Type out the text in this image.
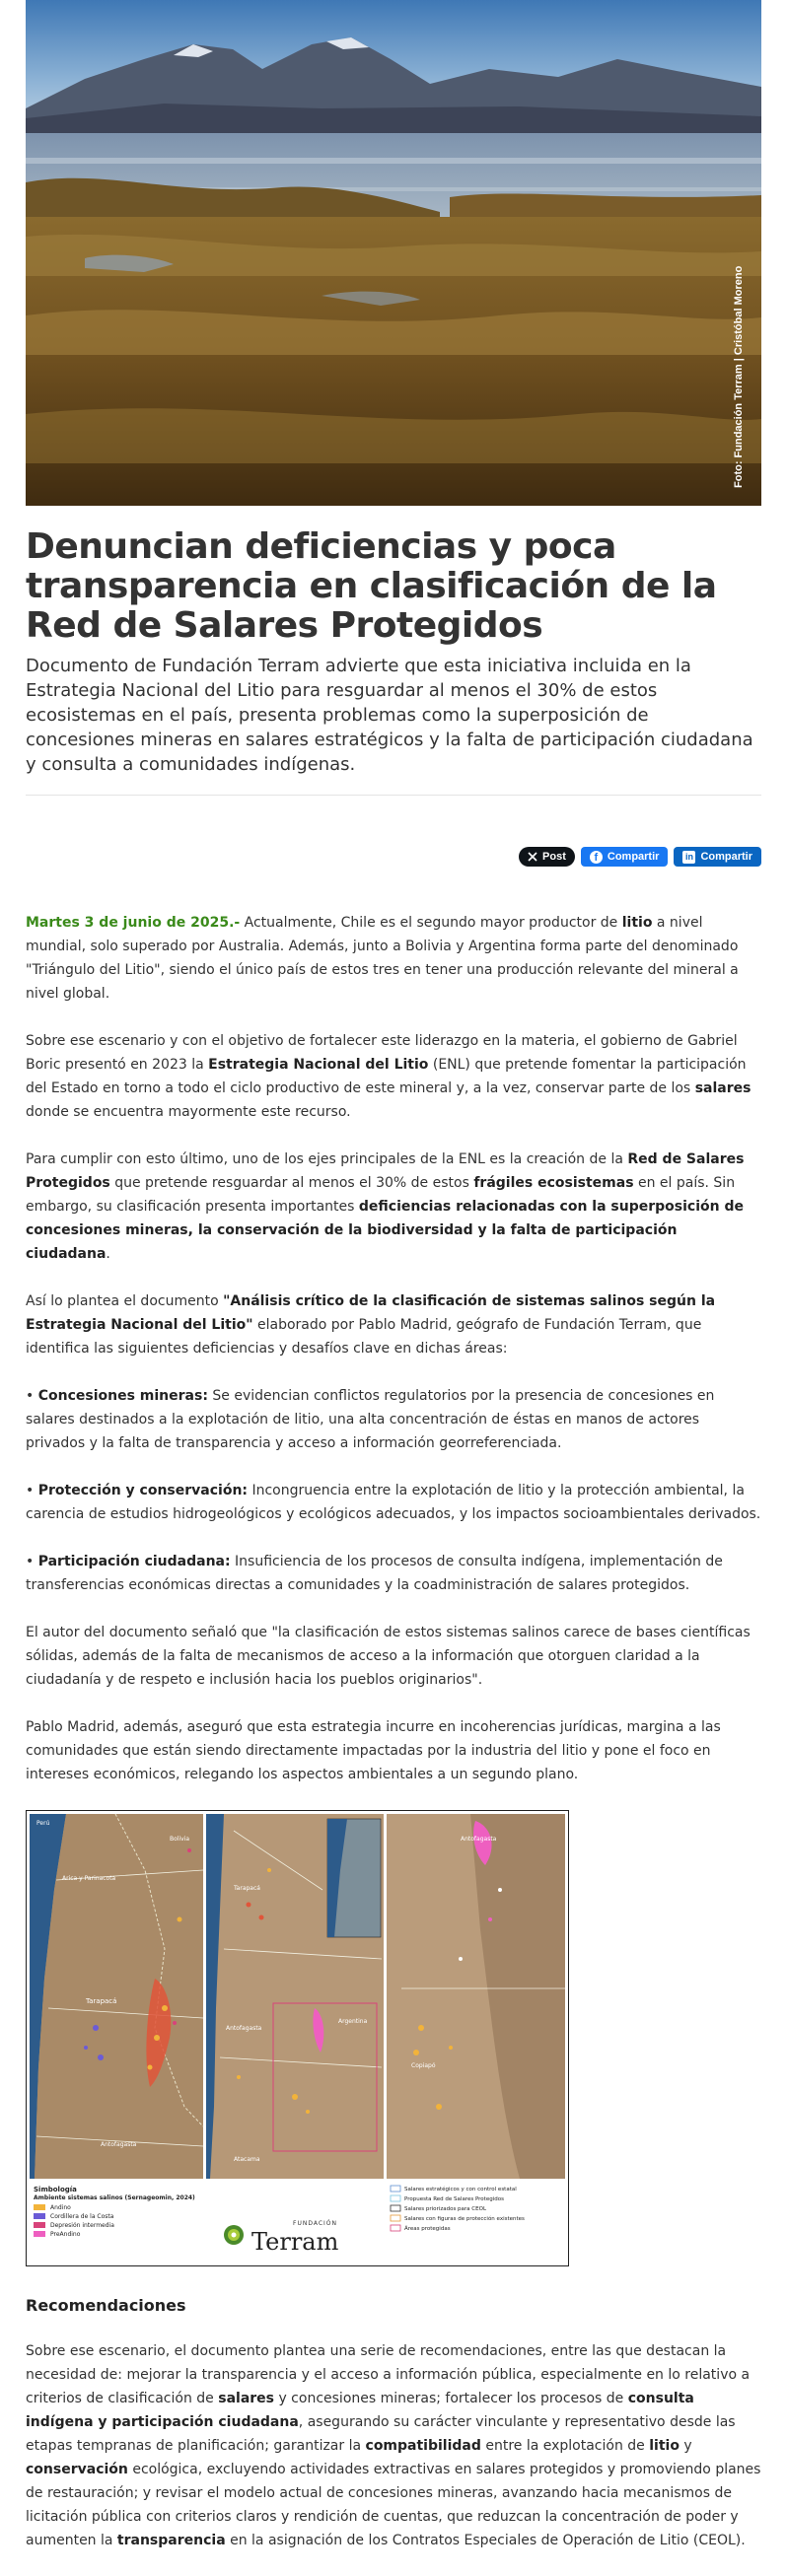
Foto: Fundación Terram | Cristóbal Moreno
Denuncian deficiencias y poca transparencia en clasificación de la Red de Salares Protegidos

Documento de Fundación Terram advierte que esta iniciativa incluida en la Estrategia Nacional del Litio para resguardar al menos el 30% de estos ecosistemas en el país, presenta problemas como la superposición de concesiones mineras en salares estratégicos y la falta de participación ciudadana y consulta a comunidades indígenas.

Post	f Compartir	in Compartir

Martes 3 de junio de 2025.- Actualmente, Chile es el segundo mayor productor de litio a nivel mundial, solo superado por Australia. Además, junto a Bolivia y Argentina forma parte del denominado "Triángulo del Litio", siendo el único país de estos tres en tener una producción relevante del mineral a nivel global.

Sobre ese escenario y con el objetivo de fortalecer este liderazgo en la materia, el gobierno de Gabriel Boric presentó en 2023 la Estrategia Nacional del Litio (ENL) que pretende fomentar la participación del Estado en torno a todo el ciclo productivo de este mineral y, a la vez, conservar parte de los salares donde se encuentra mayormente este recurso.

Para cumplir con esto último, uno de los ejes principales de la ENL es la creación de la Red de Salares Protegidos que pretende resguardar al menos el 30% de estos frágiles ecosistemas en el país. Sin embargo, su clasificación presenta importantes deficiencias relacionadas con la superposición de concesiones mineras, la conservación de la biodiversidad y la falta de participación ciudadana.

Así lo plantea el documento "Análisis crítico de la clasificación de sistemas salinos según la Estrategia Nacional del Litio" elaborado por Pablo Madrid, geógrafo de Fundación Terram, que identifica las siguientes deficiencias y desafíos clave en dichas áreas:

• Concesiones mineras: Se evidencian conflictos regulatorios por la presencia de concesiones en salares destinados a la explotación de litio, una alta concentración de éstas en manos de actores privados y la falta de transparencia y acceso a información georreferenciada.

• Protección y conservación: Incongruencia entre la explotación de litio y la protección ambiental, la carencia de estudios hidrogeológicos y ecológicos adecuados, y los impactos socioambientales derivados.

• Participación ciudadana: Insuficiencia de los procesos de consulta indígena, implementación de transferencias económicas directas a comunidades y la coadministración de salares protegidos.

El autor del documento señaló que "la clasificación de estos sistemas salinos carece de bases científicas sólidas, además de la falta de mecanismos de acceso a la información que otorguen claridad a la ciudadanía y de respeto e inclusión hacia los pueblos originarios".

Pablo Madrid, además, aseguró que esta estrategia incurre en incoherencias jurídicas, margina a las comunidades que están siendo directamente impactadas por la industria del litio y pone el foco en intereses económicos, relegando los aspectos ambientales a un segundo plano.

Perú
Bolivia
Arica y Parinacota
Tarapacá
Antofagasta
Tarapacá
Antofagasta
Argentina
Atacama
Antofagasta
Copiapó
Simbología
Ambiente sistemas salinos (Sernageomin, 2024)
Andino
Cordillera de la Costa
Depresión intermedia
PreAndino
FUNDACIÓN
Terram
Salares estratégicos y con control estatal
Propuesta Red de Salares Protegidos
Salares priorizados para CEOL
Salares con figuras de protección existentes
Áreas protegidas
Recomendaciones

Sobre ese escenario, el documento plantea una serie de recomendaciones, entre las que destacan la necesidad de: mejorar la transparencia y el acceso a información pública, especialmente en lo relativo a criterios de clasificación de salares y concesiones mineras; fortalecer los procesos de consulta indígena y participación ciudadana, asegurando su carácter vinculante y representativo desde las etapas tempranas de planificación; garantizar la compatibilidad entre la explotación de litio y conservación ecológica, excluyendo actividades extractivas en salares protegidos y promoviendo planes de restauración; y revisar el modelo actual de concesiones mineras, avanzando hacia mecanismos de licitación pública con criterios claros y rendición de cuentas, que reduzcan la concentración de poder y aumenten la transparencia en la asignación de los Contratos Especiales de Operación de Litio (CEOL).
